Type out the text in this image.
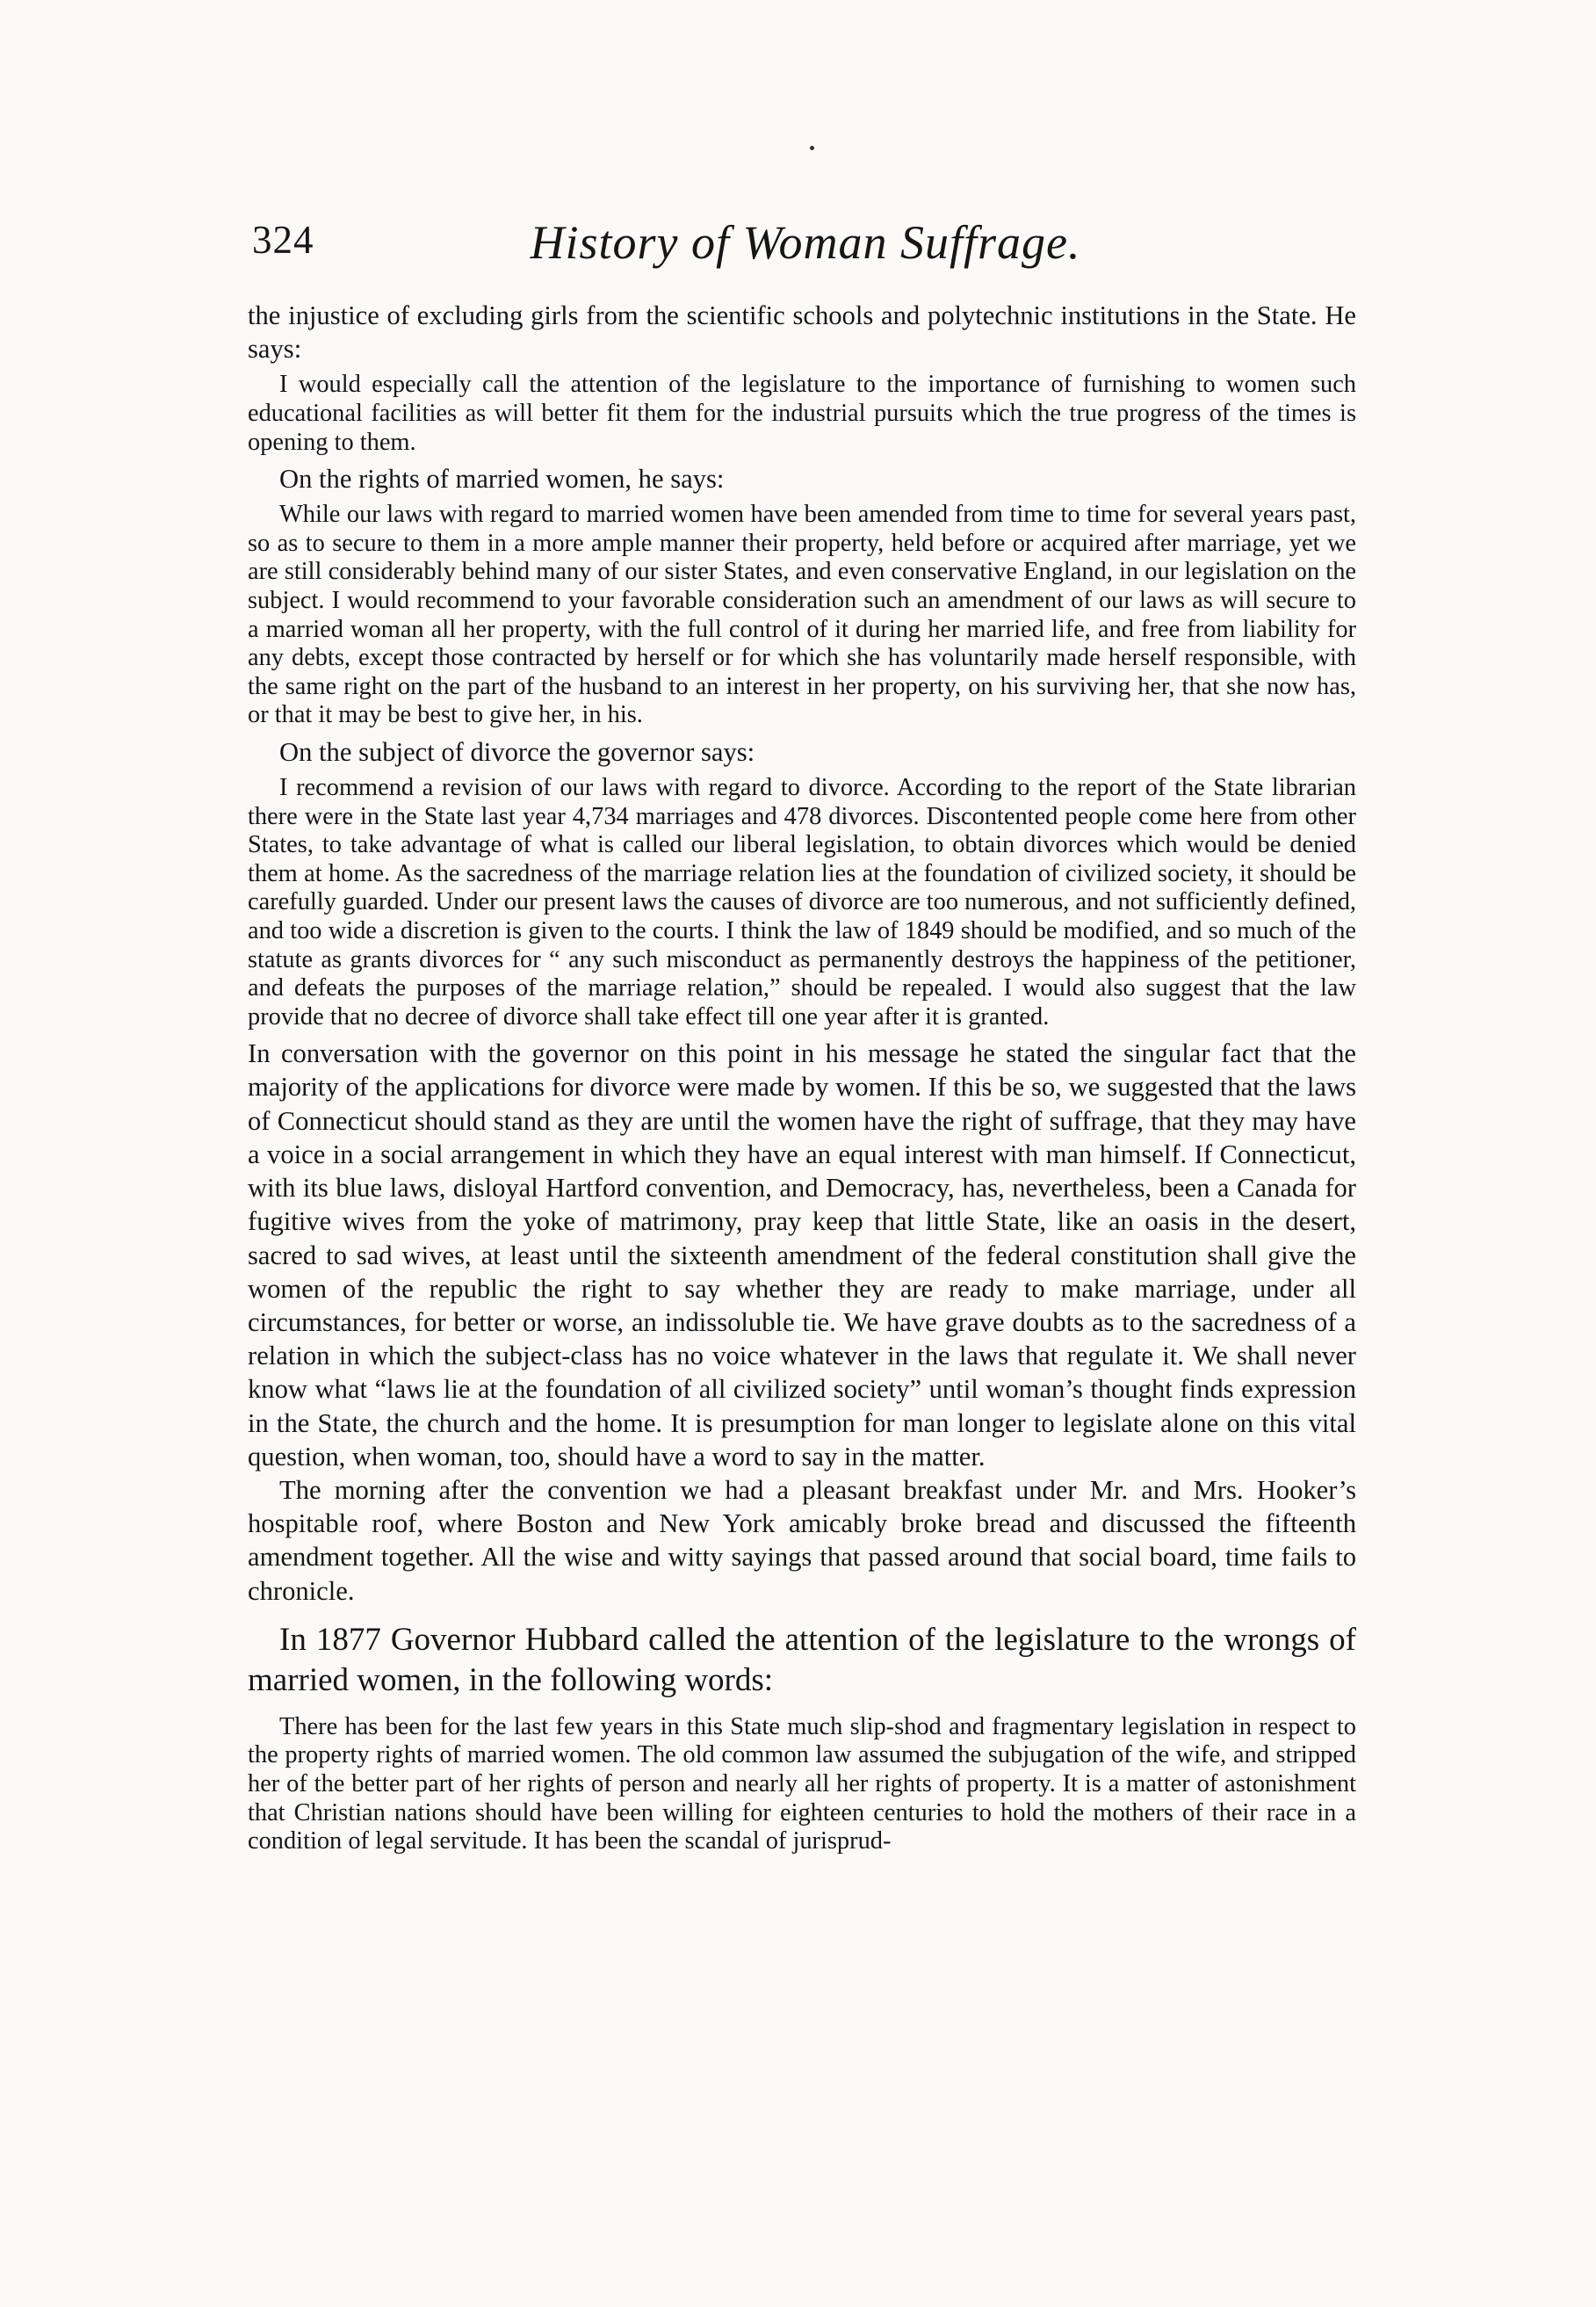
324	History of Woman Suffrage.

the injustice of excluding girls from the scientific schools and polytechnic institutions in the State. He says:

I would especially call the attention of the legislature to the importance of furnishing to women such educational facilities as will better fit them for the industrial pursuits which the true progress of the times is opening to them.

On the rights of married women, he says:

While our laws with regard to married women have been amended from time to time for several years past, so as to secure to them in a more ample manner their property, held before or acquired after marriage, yet we are still considerably behind many of our sister States, and even conservative England, in our legislation on the subject. I would recommend to your favorable consideration such an amendment of our laws as will secure to a married woman all her property, with the full control of it during her married life, and free from liability for any debts, except those contracted by herself or for which she has voluntarily made herself responsible, with the same right on the part of the husband to an interest in her property, on his surviving her, that she now has, or that it may be best to give her, in his.

On the subject of divorce the governor says:

I recommend a revision of our laws with regard to divorce. According to the report of the State librarian there were in the State last year 4,734 marriages and 478 divorces. Discontented people come here from other States, to take advantage of what is called our liberal legislation, to obtain divorces which would be denied them at home. As the sacredness of the marriage relation lies at the foundation of civilized society, it should be carefully guarded. Under our present laws the causes of divorce are too numerous, and not sufficiently defined, and too wide a discretion is given to the courts. I think the law of 1849 should be modified, and so much of the statute as grants divorces for “ any such misconduct as permanently destroys the happiness of the petitioner, and defeats the purposes of the marriage relation,” should be repealed. I would also suggest that the law provide that no decree of divorce shall take effect till one year after it is granted.

In conversation with the governor on this point in his message he stated the singular fact that the majority of the applications for divorce were made by women. If this be so, we suggested that the laws of Connecticut should stand as they are until the women have the right of suffrage, that they may have a voice in a social arrangement in which they have an equal interest with man himself. If Connecticut, with its blue laws, disloyal Hartford convention, and Democracy, has, nevertheless, been a Canada for fugitive wives from the yoke of matrimony, pray keep that little State, like an oasis in the desert, sacred to sad wives, at least until the sixteenth amendment of the federal constitution shall give the women of the republic the right to say whether they are ready to make marriage, under all circumstances, for better or worse, an indissoluble tie. We have grave doubts as to the sacredness of a relation in which the subject-class has no voice whatever in the laws that regulate it. We shall never know what “laws lie at the foundation of all civilized society” until woman’s thought finds expression in the State, the church and the home. It is presumption for man longer to legislate alone on this vital question, when woman, too, should have a word to say in the matter.

The morning after the convention we had a pleasant breakfast under Mr. and Mrs. Hooker’s hospitable roof, where Boston and New York amicably broke bread and discussed the fifteenth amendment together. All the wise and witty sayings that passed around that social board, time fails to chronicle.

In 1877 Governor Hubbard called the attention of the legislature to the wrongs of married women, in the following words:

There has been for the last few years in this State much slip-shod and fragmentary legislation in respect to the property rights of married women. The old common law assumed the subjugation of the wife, and stripped her of the better part of her rights of person and nearly all her rights of property. It is a matter of astonishment that Christian nations should have been willing for eighteen centuries to hold the mothers of their race in a condition of legal servitude. It has been the scandal of jurisprud-
